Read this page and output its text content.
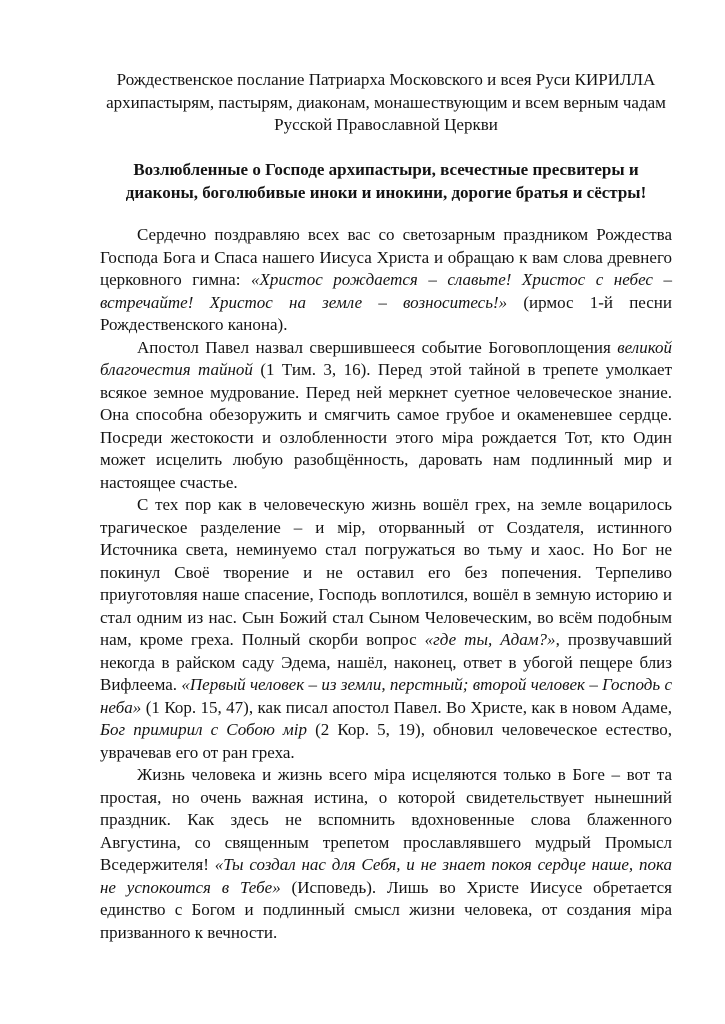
Рождественское послание Патриарха Московского и всея Руси КИРИЛЛА
архипастырям, пастырям, диаконам, монашествующим и всем верным чадам
Русской Православной Церкви
Возлюбленные о Господе архипастыри, всечестные пресвитеры и
диаконы, боголюбивые иноки и инокини, дорогие братья и сёстры!

Сердечно поздравляю всех вас со светозарным праздником Рождества Господа Бога и Спаса нашего Иисуса Христа и обращаю к вам слова древнего церковного гимна: «Христос рождается – славьте! Христос с небес – встречайте! Христос на земле – возноситесь!» (ирмос 1-й песни Рождественского канона).

Апостол Павел назвал свершившееся событие Боговоплощения великой благочестия тайной (1 Тим. 3, 16). Перед этой тайной в трепете умолкает всякое земное мудрование. Перед ней меркнет суетное человеческое знание. Она способна обезоружить и смягчить самое грубое и окаменевшее сердце. Посреди жестокости и озлобленности этого міра рождается Тот, кто Один может исцелить любую разобщённость, даровать нам подлинный мир и настоящее счастье.

С тех пор как в человеческую жизнь вошёл грех, на земле воцарилось трагическое разделение – и мір, оторванный от Создателя, истинного Источника света, неминуемо стал погружаться во тьму и хаос. Но Бог не покинул Своё творение и не оставил его без попечения. Терпеливо приуготовляя наше спасение, Господь воплотился, вошёл в земную историю и стал одним из нас. Сын Божий стал Сыном Человеческим, во всём подобным нам, кроме греха. Полный скорби вопрос «где ты, Адам?», прозвучавший некогда в райском саду Эдема, нашёл, наконец, ответ в убогой пещере близ Вифлеема. «Первый человек – из земли, перстный; второй человек – Господь с неба» (1 Кор. 15, 47), как писал апостол Павел. Во Христе, как в новом Адаме, Бог примирил с Собою мір (2 Кор. 5, 19), обновил человеческое естество, уврачевав его от ран греха.

Жизнь человека и жизнь всего міра исцеляются только в Боге – вот та простая, но очень важная истина, о которой свидетельствует нынешний праздник. Как здесь не вспомнить вдохновенные слова блаженного Августина, со священным трепетом прославлявшего мудрый Промысл Вседержителя! «Ты создал нас для Себя, и не знает покоя сердце наше, пока не успокоится в Тебе» (Исповедь). Лишь во Христе Иисусе обретается единство с Богом и подлинный смысл жизни человека, от создания міра призванного к вечности.
